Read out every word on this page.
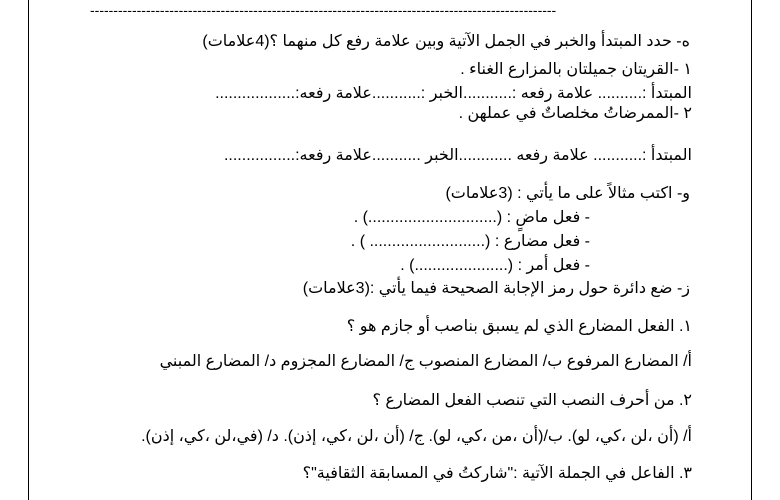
----------------------------------------------------------------------------------------------------
ه- حدد المبتدأ والخبر في الجمل الآتية وبين علامة رفع كل منهما ؟(4علامات)
١ -القريتان جميلتان بالمزارع الغناء .
المبتدأ :.......... علامة رفعه :...........الخبر :...........علامة رفعه:..................
٢ -الممرضاتُ مخلصاتٌ في عملهن .
المبتدأ :........... علامة رفعه ............الخبر ...........علامة رفعه:................
و- اكتب مثالاً على ما يأتي : (3علامات)
- فعل ماضٍ : (.............................) .
- فعل مضارع : (.......................... ) .
- فعل أمر : (.....................) .
ز- ضع دائرة حول رمز الإجابة الصحيحة فيما يأتي :(3علامات)
١. الفعل المضارع الذي لم يسبق بناصب أو جازم هو ؟
أ/ المضارع المرفوع ب/ المضارع المنصوب ج/ المضارع المجزوم د/ المضارع المبني
٢. من أحرف النصب التي تنصب الفعل المضارع ؟
أ/ (أن ،لن ،كي، لو). ب/(أن ،من ،كي، لو). ج/ (أن ،لن ،كي، إذن). د/ (في،لن ،كي، إذن).
٣. الفاعل في الجملة الآتية :"شاركتُ في المسابقة الثقافية"؟
